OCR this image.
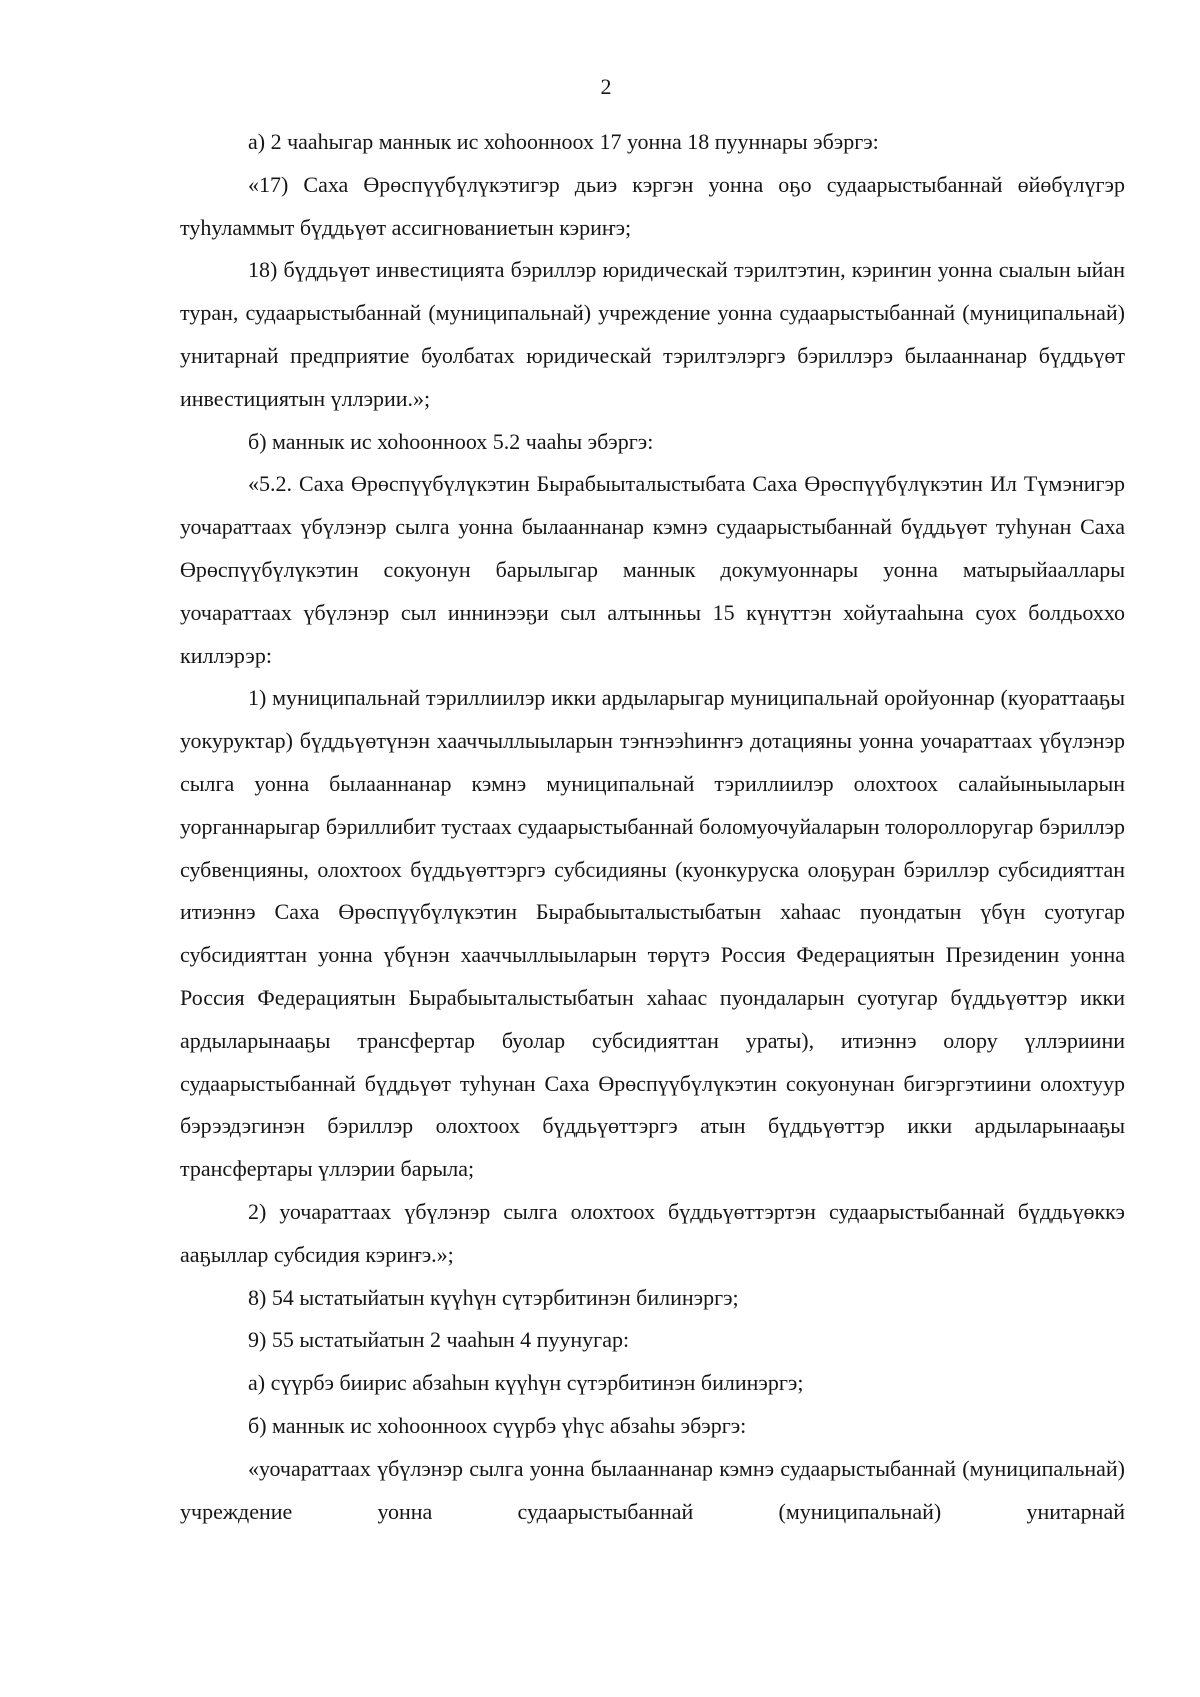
2

а) 2 чааһыгар маннык ис хоһоонноох 17 уонна 18 пууннары эбэргэ:

«17) Саха Өрөспүүбүлүкэтигэр дьиэ кэргэн уонна оҕо судаарыстыбаннай өйөбүлүгэр туһуламмыт бүддьүөт ассигнованиетын кэриҥэ;

18) бүддьүөт инвестицията бэриллэр юридическай тэрилтэтин, кэриҥин уонна сыалын ыйан туран, судаарыстыбаннай (муниципальнай) учреждение уонна судаарыстыбаннай (муниципальнай) унитарнай предприятие буолбатах юридическай тэрилтэлэргэ бэриллэрэ былааннанар бүддьүөт инвестициятын үллэрии.»;

б) маннык ис хоһоонноох 5.2 чааһы эбэргэ:

«5.2. Саха Өрөспүүбүлүкэтин Бырабыыталыстыбата Саха Өрөспүүбүлүкэтин Ил Түмэнигэр уочараттаах үбүлэнэр сылга уонна былааннанар кэмнэ судаарыстыбаннай бүддьүөт туһунан Саха Өрөспүүбүлүкэтин сокуонун барылыгар маннык докумуоннары уонна матырыйааллары уочараттаах үбүлэнэр сыл иннинээҕи сыл алтынньы 15 күнүттэн хойутааһына суох болдьоххо киллэрэр:

1) муниципальнай тэриллиилэр икки ардыларыгар муниципальнай оройуоннар (куораттааҕы уокуруктар) бүддьүөтүнэн хааччыллыыларын тэҥнээһиҥҥэ дотацияны уонна уочараттаах үбүлэнэр сылга уонна былааннанар кэмнэ муниципальнай тэриллиилэр олохтоох салайыныыларын уорганнарыгар бэриллибит тустаах судаарыстыбаннай боломуочуйаларын толороллоругар бэриллэр субвенцияны, олохтоох бүддьүөттэргэ субсидияны (куонкуруска олоҕуран бэриллэр субсидияттан итиэннэ Саха Өрөспүүбүлүкэтин Бырабыыталыстыбатын хаһаас пуондатын үбүн суотугар субсидияттан уонна үбүнэн хааччыллыыларын төрүтэ Россия Федерациятын Президенин уонна Россия Федерациятын Бырабыыталыстыбатын хаһаас пуондаларын суотугар бүддьүөттэр икки ардыларынааҕы трансфертар буолар субсидияттан ураты), итиэннэ олору үллэриини судаарыстыбаннай бүддьүөт туһунан Саха Өрөспүүбүлүкэтин сокуонунан бигэргэтиини олохтуур бэрээдэгинэн бэриллэр олохтоох бүддьүөттэргэ атын бүддьүөттэр икки ардыларынааҕы трансфертары үллэрии барыла;

2) уочараттаах үбүлэнэр сылга олохтоох бүддьүөттэртэн судаарыстыбаннай бүддьүөккэ ааҕыллар субсидия кэриҥэ.»;

8) 54 ыстатыйатын күүһүн сүтэрбитинэн билинэргэ;

9) 55 ыстатыйатын 2 чааһын 4 пуунугар:

а) сүүрбэ биирис абзаһын күүһүн сүтэрбитинэн билинэргэ;

б) маннык ис хоһоонноох сүүрбэ үһүс абзаһы эбэргэ:

«уочараттаах үбүлэнэр сылга уонна былааннанар кэмнэ судаарыстыбаннай (муниципальнай) учреждение уонна судаарыстыбаннай (муниципальнай) унитарнай
